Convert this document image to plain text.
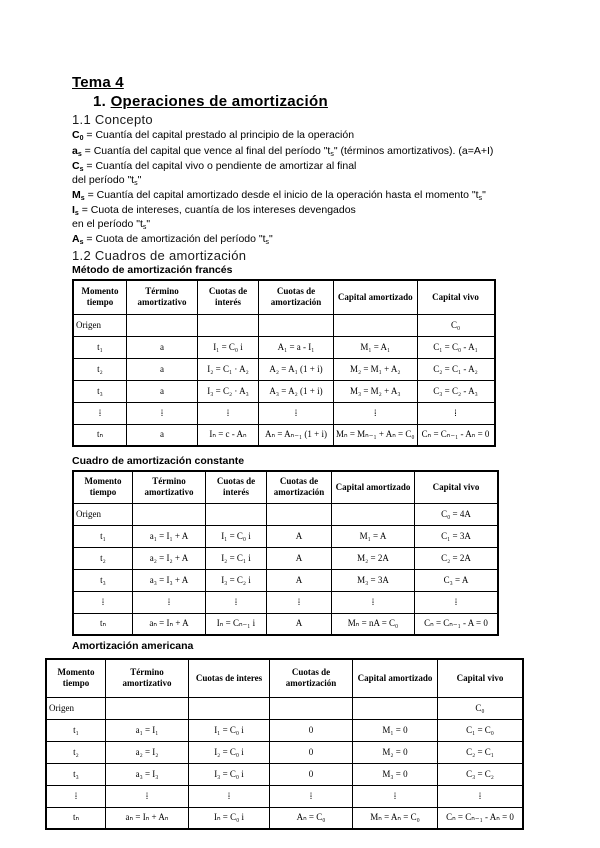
Tema 4
1. Operaciones de amortización
1.1 Concepto
$C_0$ = Cuantía del capital prestado al principio de la operación
$a_s$ = Cuantía del capital que vence al final del período "$t_s$" (términos amortizativos). (a=A+I)
$C_s$ = Cuantía del capital vivo o pendiente de amortizar al final
del período "$t_s$"
$M_s$ = Cuantía del capital amortizado desde el inicio de la operación hasta el momento "$t_s$"
$I_s$ = Cuota de intereses, cuantía de los intereses devengados
en el período "$t_s$"
$A_s$ = Cuota de amortización del período "$t_s$"
1.2 Cuadros de amortización
Método de amortización francés
Momento tiempo	Término amortizativo	Cuotas de interés	Cuotas de amortización	Capital amortizado	Capital vivo
Origen					C₀
t₁	a	I₁ = C₀ i	A₁ = a - I₁	M₁ = A₁	C₁ = C₀ - A₁
t₂	a	I₂ = C₁ · A₂	A₂ = A₁ (1 + i)	M₂ = M₁ + A₂	C₂ = C₁ - A₂
t₃	a	I₃ = C₂ · A₃	A₃ = A₂ (1 + i)	M₃ = M₂ + A₃	C₃ = C₂ - A₃
⁞	⁞	⁞	⁞	⁞	⁞
tₙ	a	Iₙ = c - Aₙ	Aₙ = Aₙ₋₁ (1 + i)	Mₙ = Mₙ₋₁ + Aₙ = C₀	Cₙ = Cₙ₋₁ - Aₙ = 0
Cuadro de amortización constante
Momento tiempo	Término amortizativo	Cuotas de interés	Cuotas de amortización	Capital amortizado	Capital vivo
Origen					C₀ = 4A
t₁	a₁ = I₁ + A	I₁ = C₀ i	A	M₁ = A	C₁ = 3A
t₂	a₂ = I₂ + A	I₂ = C₁ i	A	M₂ = 2A	C₂ = 2A
t₃	a₃ = I₃ + A	I₃ = C₂ i	A	M₃ = 3A	C₃ = A
⁞	⁞	⁞	⁞	⁞	⁞
tₙ	aₙ = Iₙ + A	Iₙ = Cₙ₋₁ i	A	Mₙ = nA = C₀	Cₙ = Cₙ₋₁ - A = 0
Amortización americana
Momento tiempo	Término amortizativo	Cuotas de interes	Cuotas de amortización	Capital amortizado	Capital vivo
Origen					C₀
t₁	a₁ = I₁	I₁ = C₀ i	0	M₁ = 0	C₁ = C₀
t₂	a₂ = I₂	I₂ = C₀ i	0	M₂ = 0	C₂ = C₁
t₃	a₃ = I₃	I₃ = C₀ i	0	M₃ = 0	C₃ = C₂
⁞	⁞	⁞	⁞	⁞	⁞
tₙ	aₙ = Iₙ + Aₙ	Iₙ = C₀ i	Aₙ = C₀	Mₙ = Aₙ = C₀	Cₙ = Cₙ₋₁ - Aₙ = 0
